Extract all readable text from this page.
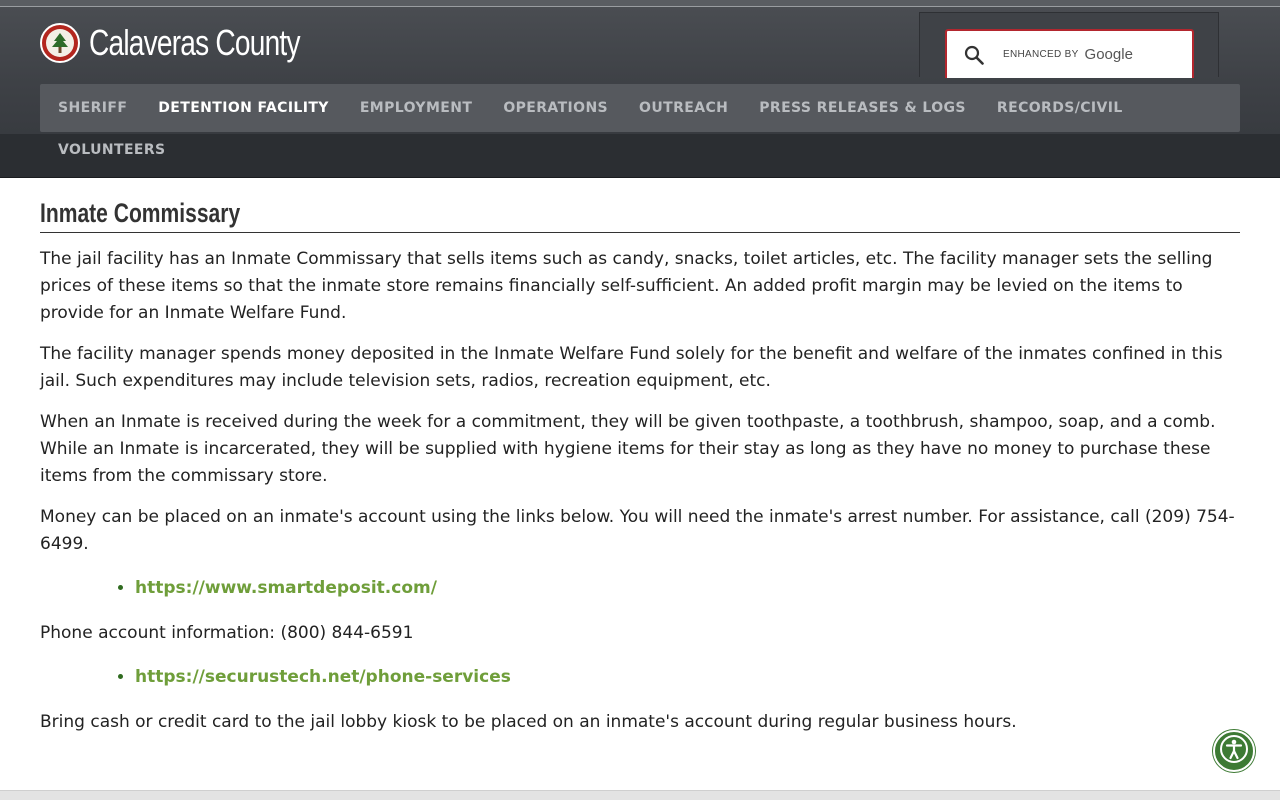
Calaveras County	ENHANCED BY Google
SHERIFF DETENTION FACILITY EMPLOYMENT OPERATIONS OUTREACH PRESS RELEASES & LOGS RECORDS/CIVIL
VOLUNTEERS
Inmate Commissary

The jail facility has an Inmate Commissary that sells items such as candy, snacks, toilet articles, etc. The facility manager sets the selling prices of these items so that the inmate store remains financially self-sufficient. An added profit margin may be levied on the items to provide for an Inmate Welfare Fund.

The facility manager spends money deposited in the Inmate Welfare Fund solely for the benefit and welfare of the inmates confined in this jail. Such expenditures may include television sets, radios, recreation equipment, etc.

When an Inmate is received during the week for a commitment, they will be given toothpaste, a toothbrush, shampoo, soap, and a comb. While an Inmate is incarcerated, they will be supplied with hygiene items for their stay as long as they have no money to purchase these items from the commissary store.

Money can be placed on an inmate's account using the links below. You will need the inmate's arrest number. For assistance, call (209) 754-6499.

• https://www.smartdeposit.com/

Phone account information: (800) 844-6591

• https://securustech.net/phone-services

Bring cash or credit card to the jail lobby kiosk to be placed on an inmate's account during regular business hours.
